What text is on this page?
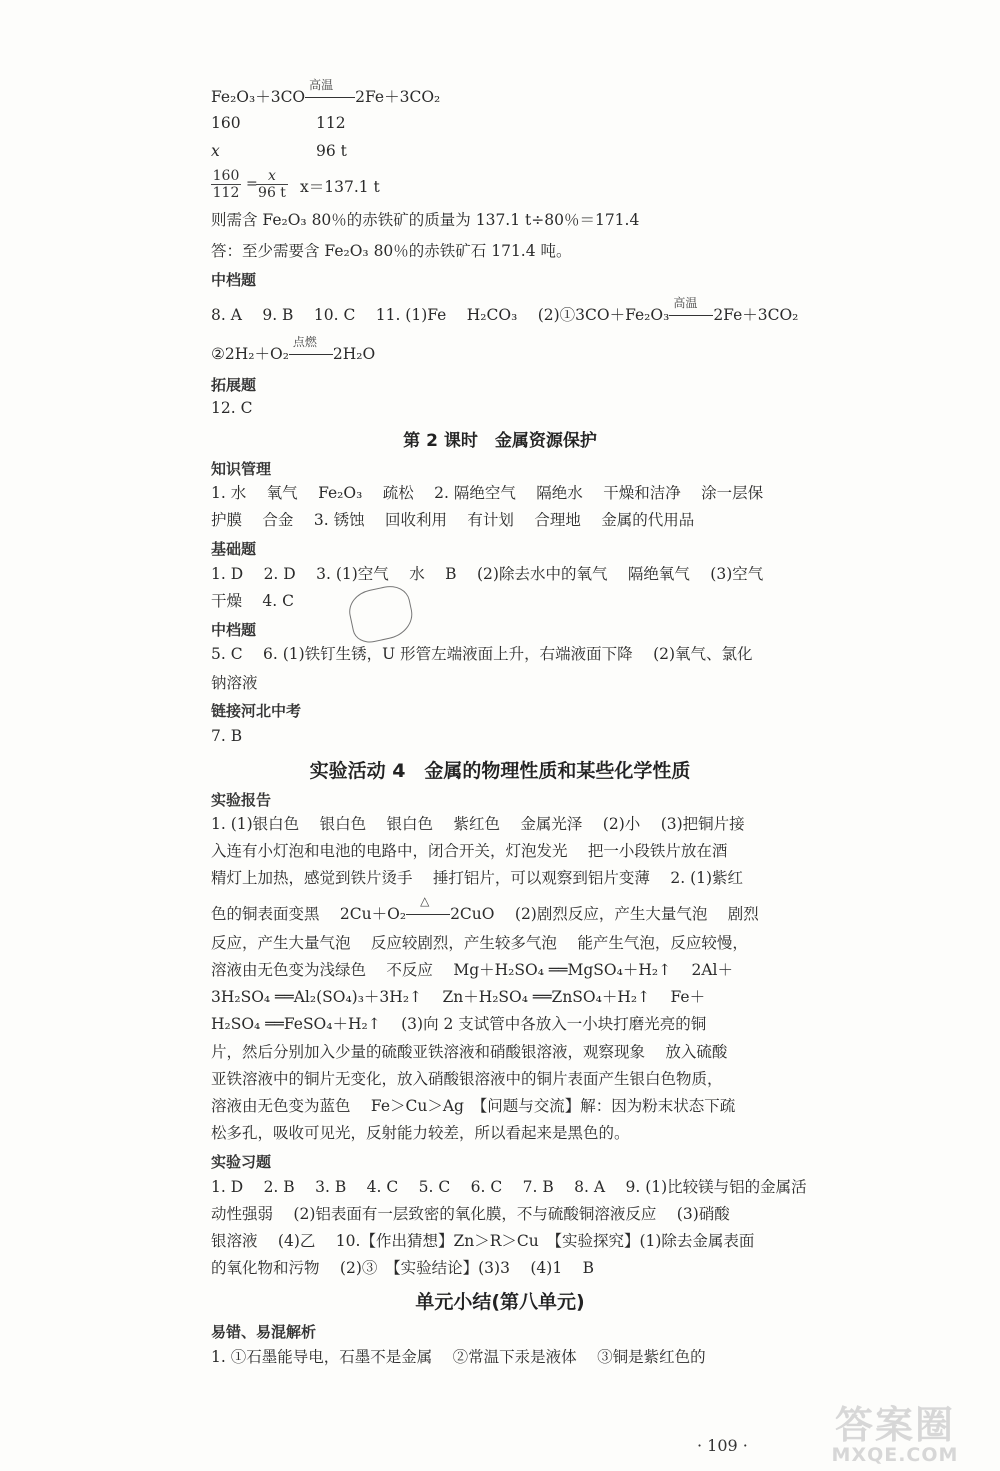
Fe₂O₃＋3CO
高温
2Fe＋3CO₂
160	112
x	96 t
160
112
= x
96 t x＝137.1 t
则需含 Fe₂O₃ 80％的赤铁矿的质量为 137.1 t÷80％＝171.4
答：至少需要含 Fe₂O₃ 80％的赤铁矿石 171.4 吨。
中档题
8. A　 9. B　 10. C　 11. (1)Fe　 H₂CO₃　 (2)①3CO＋Fe₂O₃
高温
2Fe＋3CO₂
②2H₂＋O₂
点燃
2H₂O
拓展题
12. C
第 2 课时　金属资源保护
知识管理
1. 水　 氧气　 Fe₂O₃　 疏松　 2. 隔绝空气　 隔绝水　 干燥和洁净　 涂一层保
护膜　 合金　 3. 锈蚀　 回收利用　 有计划　 合理地　 金属的代用品
基础题
1. D　 2. D　 3. (1)空气　 水　 B　 (2)除去水中的氧气　 隔绝氧气　 (3)空气
干燥　 4. C
中档题
5. C　 6. (1)铁钉生锈，U 形管左端液面上升，右端液面下降　 (2)氧气、氯化
钠溶液
链接河北中考
7. B
实验活动 4　金属的物理性质和某些化学性质
实验报告
1. (1)银白色　 银白色　 银白色　 紫红色　 金属光泽　 (2)小　 (3)把铜片接
入连有小灯泡和电池的电路中，闭合开关，灯泡发光　 把一小段铁片放在酒
精灯上加热，感觉到铁片烫手　 捶打铝片，可以观察到铝片变薄　 2. (1)紫红
色的铜表面变黑　 2Cu＋O₂
△
2CuO　 (2)剧烈反应，产生大量气泡　 剧烈
反应，产生大量气泡　 反应较剧烈，产生较多气泡　 能产生气泡，反应较慢，
溶液由无色变为浅绿色　 不反应　 Mg＋H₂SO₄ ══MgSO₄＋H₂↑　 2Al＋
3H₂SO₄ ══Al₂(SO₄)₃＋3H₂↑　 Zn＋H₂SO₄ ══ZnSO₄＋H₂↑　 Fe＋
H₂SO₄ ══FeSO₄＋H₂↑　 (3)向 2 支试管中各放入一小块打磨光亮的铜
片，然后分别加入少量的硫酸亚铁溶液和硝酸银溶液，观察现象　 放入硫酸
亚铁溶液中的铜片无变化，放入硝酸银溶液中的铜片表面产生银白色物质，
溶液由无色变为蓝色　 Fe＞Cu＞Ag　【问题与交流】解：因为粉末状态下疏
松多孔，吸收可见光，反射能力较差，所以看起来是黑色的。
实验习题
1. D　 2. B　 3. B　 4. C　 5. C　 6. C　 7. B　 8. A　 9. (1)比较镁与铝的金属活
动性强弱　 (2)铝表面有一层致密的氧化膜，不与硫酸铜溶液反应　 (3)硝酸
银溶液　 (4)乙　 10.【作出猜想】Zn＞R＞Cu　【实验探究】(1)除去金属表面
的氧化物和污物　 (2)③　【实验结论】(3)3　 (4)1　 B
单元小结(第八单元)
易错、易混解析
1. ①石墨能导电，石墨不是金属　 ②常温下汞是液体　 ③铜是紫红色的
· 109 ·	答案圈
MXQE.COM
